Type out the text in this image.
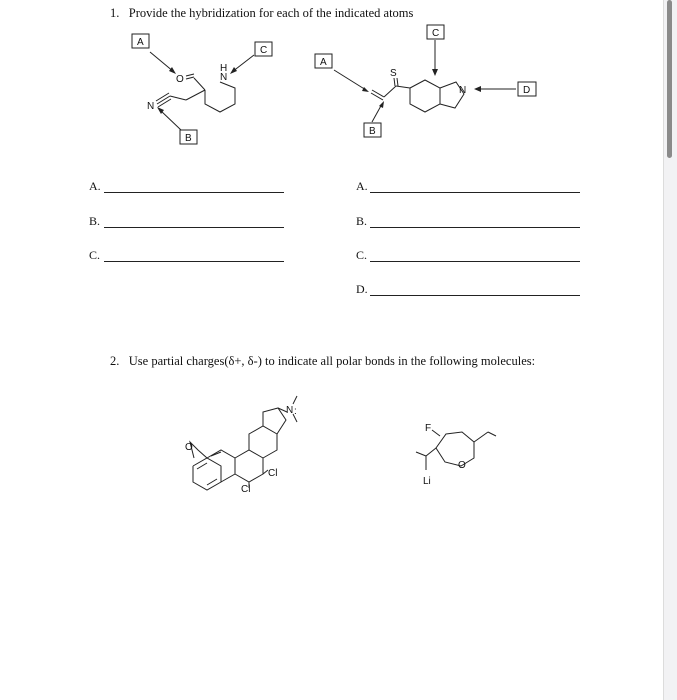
1. Provide the hybridization for each of the indicated atoms
A
C
B
O	N
H
N
A
C
B
D
S
N
A.
B.
C.
A.
B.
C.
D.
2. Use partial charges(δ+, δ-) to indicate all polar bonds in the following molecules:
O
N :
Cl
Cl
F
O
Li
